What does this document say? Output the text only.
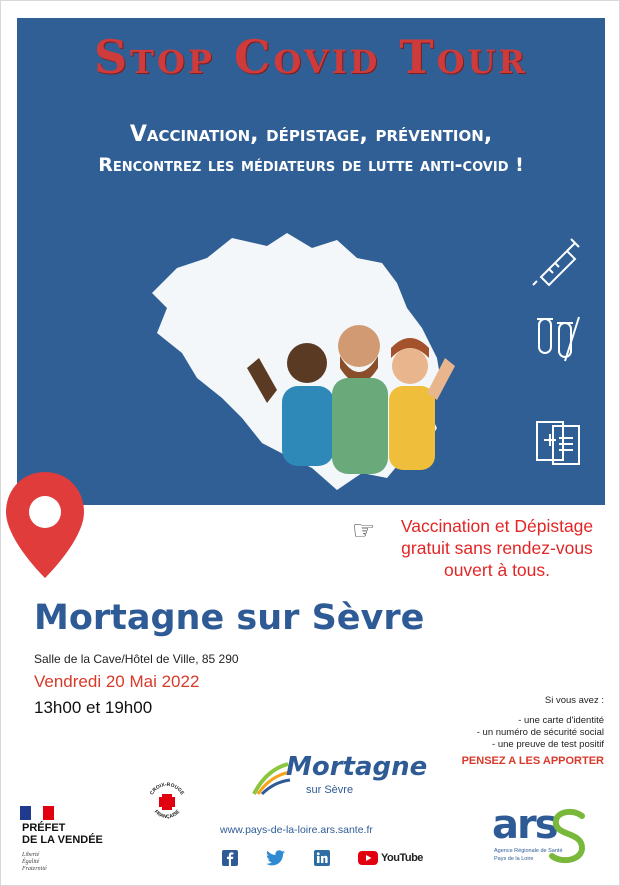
Stop Covid Tour
Vaccination, dépistage, prévention,
Rencontrez les médiateurs de lutte anti-covid !
☞	Vaccination et Dépistage gratuit sans rendez-vous ouvert à tous.
Mortagne sur Sèvre
Salle de la Cave/Hôtel de Ville, 85 290
Vendredi 20 Mai 2022
13h00 et 19h00	Si vous avez :
- une carte d'identité
- un numéro de sécurité social
- une preuve de test positif
PENSEZ A LES APPORTER
Mortagne
sur Sèvre
PRÉFET
DE LA VENDÉE
Liberté
Égalité
Fraternité
CROIX-ROUGE
FRANÇAISE
www.pays-de-la-loire.ars.sante.fr
YouTube
ars
Agence Régionale de Santé
Pays de la Loire
